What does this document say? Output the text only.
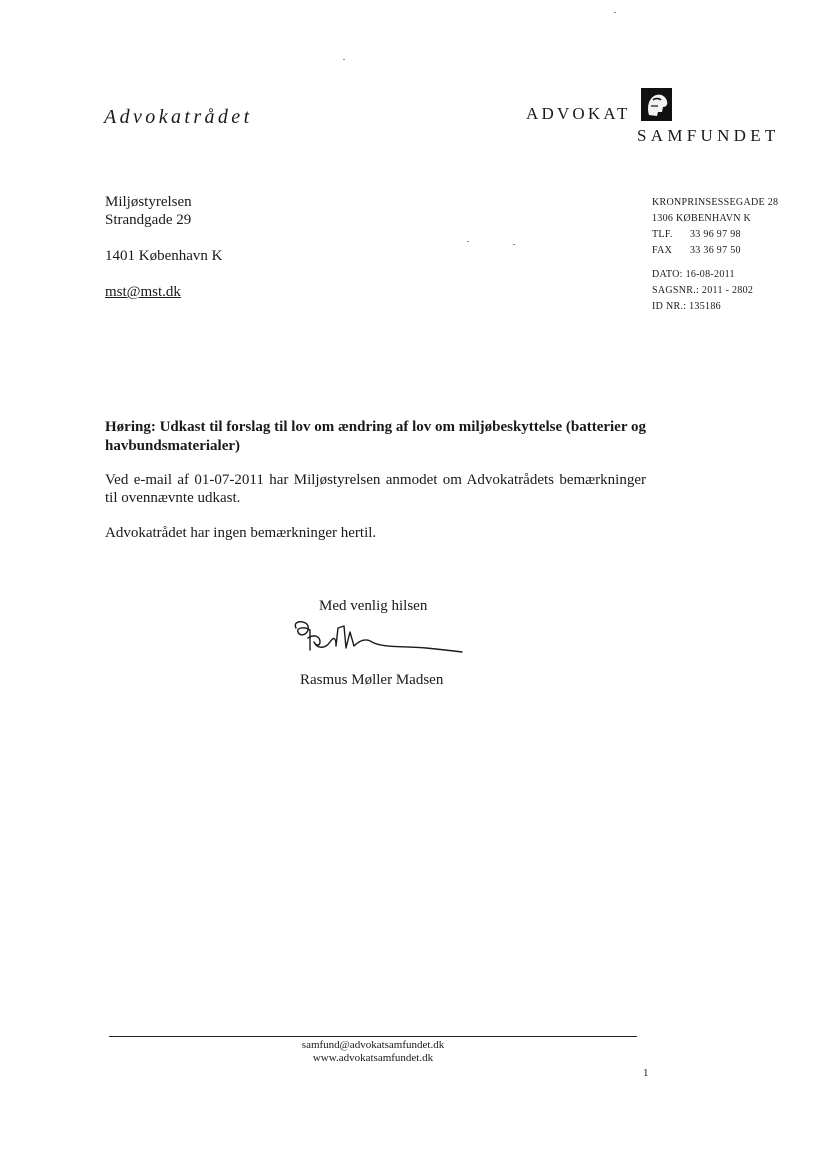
Advokatrådet	ADVOKAT
SAMFUNDET
Miljøstyrelsen
Strandgade 29
1401 København K
mst@mst.dk
KRONPRINSESSEGADE 28
1306 KØBENHAVN K
TLF. 33 96 97 98
FAX 33 36 97 50
DATO: 16-08-2011
SAGSNR.: 2011 - 2802
ID NR.: 135186
Høring: Udkast til forslag til lov om ændring af lov om miljøbeskyttelse (batterier og havbundsmaterialer)

Ved e-mail af 01-07-2011 har Miljøstyrelsen anmodet om Advokatrådets bemærkninger til ovennævnte udkast.

Advokatrådet har ingen bemærkninger hertil.
Med venlig hilsen
Rasmus Møller Madsen
samfund@advokatsamfundet.dk
www.advokatsamfundet.dk
1
